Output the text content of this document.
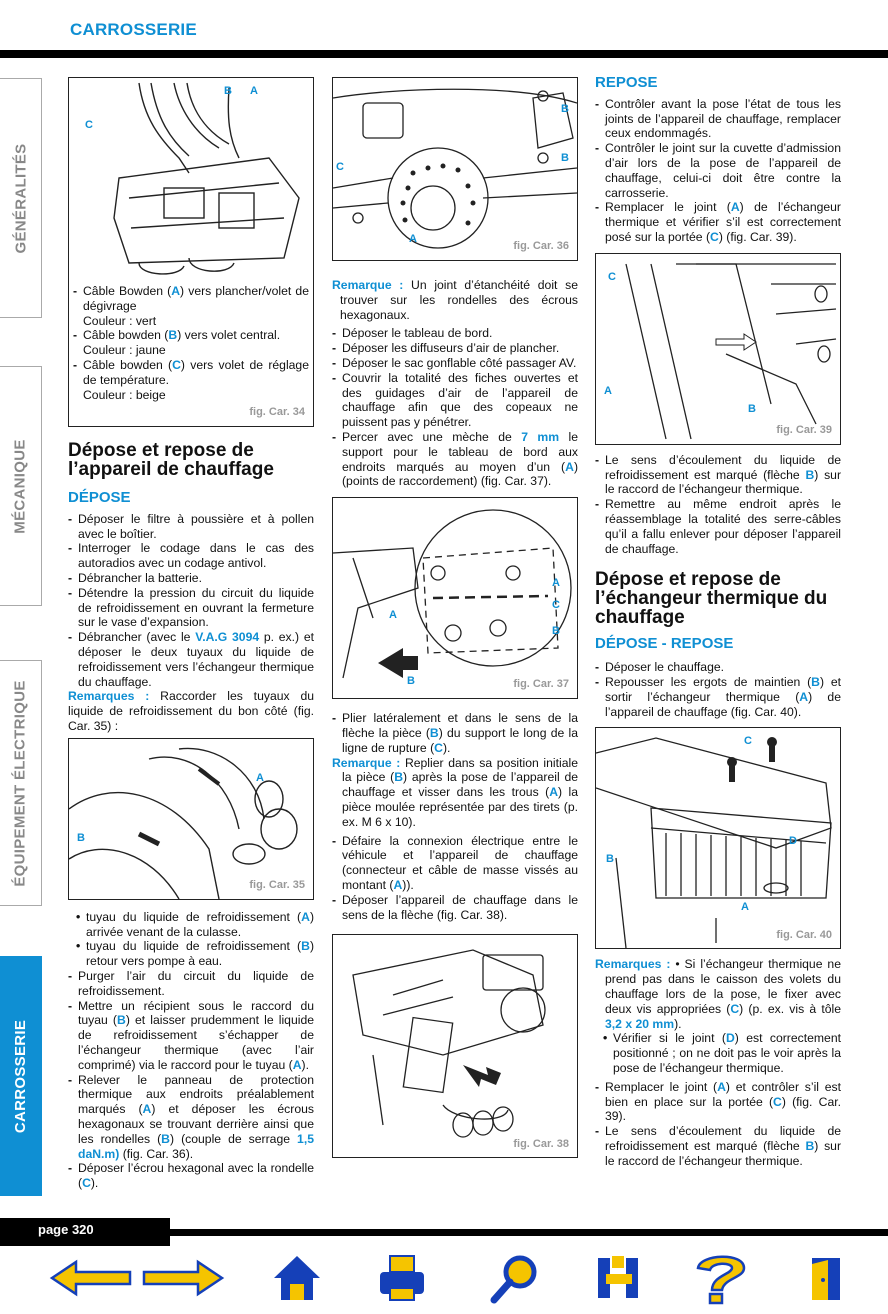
CARROSSERIE
GÉNÉRALITÉS
MÉCANIQUE
ÉQUIPEMENT ÉLECTRIQUE
CARROSSERIE
B A
C
- Câble Bowden (A) vers plancher/volet de dégivrage
Couleur : vert
- Câble bowden (B) vers volet central.
Couleur : jaune
- Câble bowden (C) vers volet de réglage de température.
Couleur : beige
fig. Car. 34
Dépose et repose de l’appareil de chauffage
DÉPOSE
- Déposer le filtre à poussière et à pollen avec le boîtier.
- Interroger le codage dans le cas des autoradios avec un codage antivol.
- Débrancher la batterie.
- Détendre la pression du circuit du liquide de refroidissement en ouvrant la fermeture sur le vase d’expansion.
- Débrancher (avec le V.A.G 3094 p. ex.) et déposer le deux tuyaux du liquide de refroidissement vers l’échangeur thermique du chauffage.

Remarques : Raccorder les tuyaux du liquide de refroidissement du bon côté (fig. Car. 35) :

A
B
fig. Car. 35
• tuyau du liquide de refroidissement (A) arrivée venant de la culasse.
• tuyau du liquide de refroidissement (B) retour vers pompe à eau.
- Purger l’air du circuit du liquide de refroidissement.
- Mettre un récipient sous le raccord du tuyau (B) et laisser prudemment le liquide de refroidissement s’échapper de l’échangeur thermique (avec l’air comprimé) via le raccord pour le tuyau (A).
- Relever le panneau de protection thermique aux endroits préalablement marqués (A) et déposer les écrous hexagonaux se trouvant derrière ainsi que les rondelles (B) (couple de serrage 1,5 daN.m) (fig. Car. 36).
- Déposer l’écrou hexagonal avec la rondelle (C).
B
B
C
A
fig. Car. 36

Remarque : Un joint d’étanchéité doit se trouver sur les rondelles des écrous hexagonaux.

- Déposer le tableau de bord.
- Déposer les diffuseurs d’air de plancher.
- Déposer le sac gonflable côté passager AV.
- Couvrir la totalité des fiches ouvertes et des guidages d’air de l’appareil de chauffage afin que des copeaux ne puissent pas y pénétrer.
- Percer avec une mèche de 7 mm le support pour le tableau de bord aux endroits marqués au moyen d’un (A) (points de raccordement) (fig. Car. 37).
A
C
B
A
B	fig. Car. 37
- Plier latéralement et dans le sens de la flèche la pièce (B) du support le long de la ligne de rupture (C).

Remarque : Replier dans sa position initiale la pièce (B) après la pose de l’appareil de chauffage et visser dans les trous (A) la pièce moulée représentée par des tirets (p. ex. M 6 x 10).

- Défaire la connexion électrique entre le véhicule et l’appareil de chauffage (connecteur et câble de masse vissés au montant (A)).
- Déposer l’appareil de chauffage dans le sens de la flèche (fig. Car. 38).
fig. Car. 38
REPOSE
- Contrôler avant la pose l’état de tous les joints de l’appareil de chauffage, remplacer ceux endommagés.
- Contrôler le joint sur la cuvette d’admission d’air lors de la pose de l’appareil de chauffage, celui-ci doit être contre la carrosserie.
- Remplacer le joint (A) de l’échangeur thermique et vérifier s’il est correctement posé sur la portée (C) (fig. Car. 39).
C
A
B
fig. Car. 39
- Le sens d’écoulement du liquide de refroidissement est marqué (flèche B) sur le raccord de l’échangeur thermique.
- Remettre au même endroit après le réassemblage la totalité des serre-câbles qu’il a fallu enlever pour déposer l’appareil de chauffage.
Dépose et repose de l’échangeur thermique du chauffage
DÉPOSE - REPOSE
- Déposer le chauffage.
- Repousser les ergots de maintien (B) et sortir l’échangeur thermique (A) de l’appareil de chauffage (fig. Car. 40).
C
D
B
A
fig. Car. 40

Remarques : • Si l’échangeur thermique ne prend pas dans le caisson des volets du chauffage lors de la pose, le fixer avec deux vis appropriées (C) (p. ex. vis à tôle 3,2 x 20 mm).

• Vérifier si le joint (D) est correctement positionné ; on ne doit pas le voir après la pose de l’échangeur thermique.
- Remplacer le joint (A) et contrôler s’il est bien en place sur la portée (C) (fig. Car. 39).
- Le sens d’écoulement du liquide de refroidissement est marqué (flèche B) sur le raccord de l’échangeur thermique.
page 320
